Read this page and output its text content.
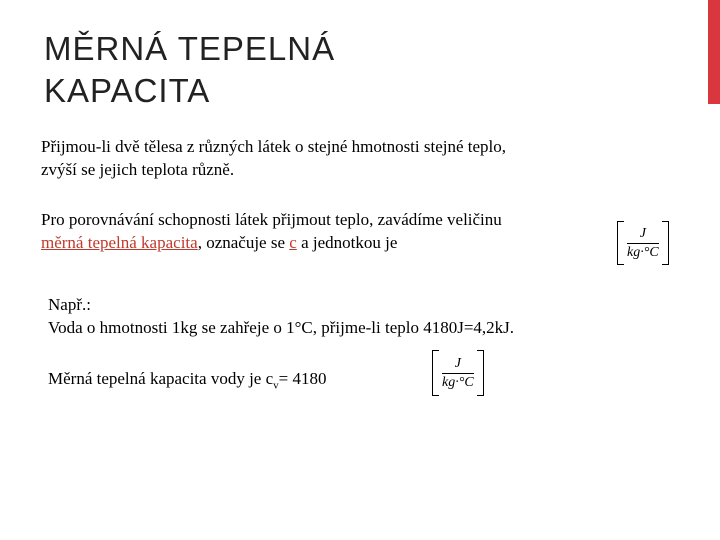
MĚRNÁ TEPELNÁ
KAPACITA
Přijmou-li dvě tělesa z různých látek o stejné hmotnosti stejné teplo,
zvýší se jejich teplota různě.
Pro porovnávání schopnosti látek přijmout teplo, zavádíme veličinu
měrná tepelná kapacita, označuje se c a jednotkou je	$\frac{J}{kg\cdot^\circ C}$
Např.:
Voda o hmotnosti 1kg se zahřeje o 1°C, přijme-li teplo 4180J=4,2kJ.
Měrná tepelná kapacita vody je $c_v= 4180$	$\frac{J}{kg\cdot^\circ C}$
